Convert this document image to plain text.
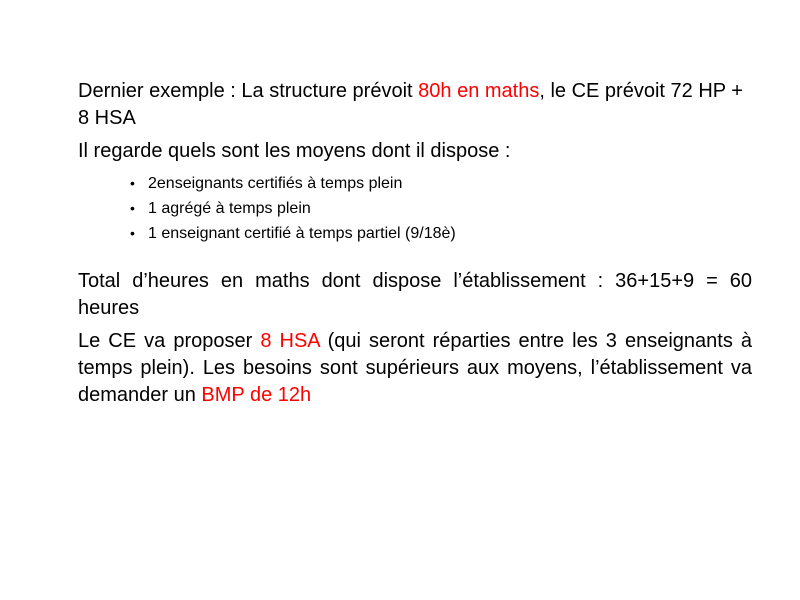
Dernier exemple : La structure prévoit 80h en maths, le CE prévoit 72 HP + 8 HSA

Il regarde quels sont les moyens dont il dispose :

• 2enseignants certifiés à temps plein
• 1 agrégé à temps plein
• 1 enseignant certifié à temps partiel (9/18è)

Total d’heures en maths dont dispose l’établissement : 36+15+9 = 60 heures

Le CE va proposer 8 HSA (qui seront réparties entre les 3 enseignants à temps plein). Les besoins sont supérieurs aux moyens, l’établissement va demander un BMP de 12h
